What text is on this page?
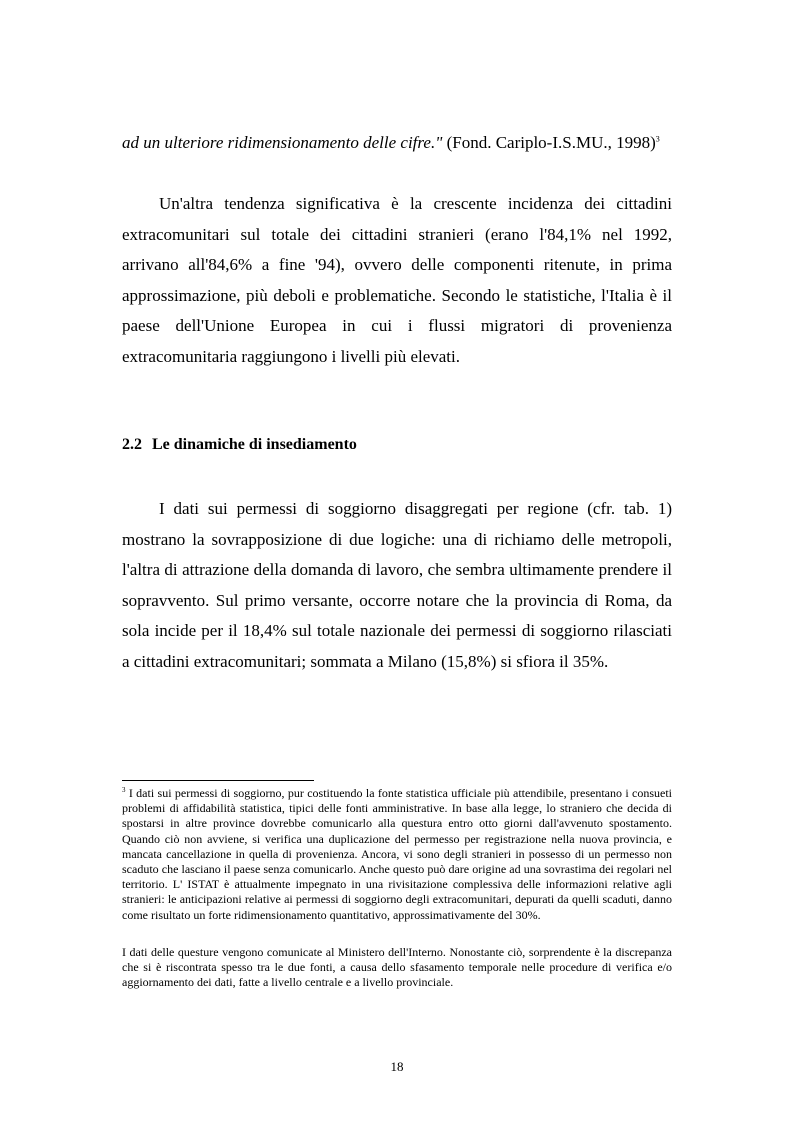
ad un ulteriore ridimensionamento delle cifre." (Fond. Cariplo-I.S.MU., 1998)$^3$

Un'altra tendenza significativa è la crescente incidenza dei cittadini extracomunitari sul totale dei cittadini stranieri (erano l'84,1% nel 1992, arrivano all'84,6% a fine '94), ovvero delle componenti ritenute, in prima approssimazione, più deboli e problematiche. Secondo le statistiche, l'Italia è il paese dell'Unione Europea in cui i flussi migratori di provenienza extracomunitaria raggiungono i livelli più elevati.

2.2 Le dinamiche di insediamento

I dati sui permessi di soggiorno disaggregati per regione (cfr. tab. 1) mostrano la sovrapposizione di due logiche: una di richiamo delle metropoli, l'altra di attrazione della domanda di lavoro, che sembra ultimamente prendere il sopravvento. Sul primo versante, occorre notare che la provincia di Roma, da sola incide per il 18,4% sul totale nazionale dei permessi di soggiorno rilasciati a cittadini extracomunitari; sommata a Milano (15,8%) si sfiora il 35%.

$^3$ I dati sui permessi di soggiorno, pur costituendo la fonte statistica ufficiale più attendibile, presentano i consueti problemi di affidabilità statistica, tipici delle fonti amministrative. In base alla legge, lo straniero che decida di spostarsi in altre province dovrebbe comunicarlo alla questura entro otto giorni dall'avvenuto spostamento. Quando ciò non avviene, si verifica una duplicazione del permesso per registrazione nella nuova provincia, e mancata cancellazione in quella di provenienza. Ancora, vi sono degli stranieri in possesso di un permesso non scaduto che lasciano il paese senza comunicarlo. Anche questo può dare origine ad una sovrastima dei regolari nel territorio. L' ISTAT è attualmente impegnato in una rivisitazione complessiva delle informazioni relative agli stranieri: le anticipazioni relative ai permessi di soggiorno degli extracomunitari, depurati da quelli scaduti, danno come risultato un forte ridimensionamento quantitativo, approssimativamente del 30%.

I dati delle questure vengono comunicate al Ministero dell'Interno. Nonostante ciò, sorprendente è la discrepanza che si è riscontrata spesso tra le due fonti, a causa dello sfasamento temporale nelle procedure di verifica e/o aggiornamento dei dati, fatte a livello centrale e a livello provinciale.

18
